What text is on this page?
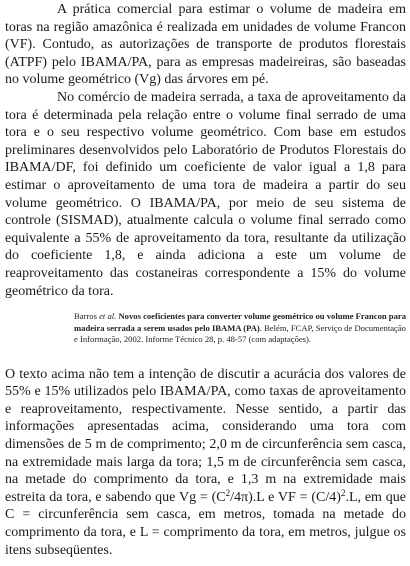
A prática comercial para estimar o volume de madeira em toras na região amazônica é realizada em unidades de volume Francon (VF). Contudo, as autorizações de transporte de produtos florestais (ATPF) pelo IBAMA/PA, para as empresas madeireiras, são baseadas no volume geométrico (Vg) das árvores em pé.

No comércio de madeira serrada, a taxa de aproveitamento da tora é determinada pela relação entre o volume final serrado de uma tora e o seu respectivo volume geométrico. Com base em estudos preliminares desenvolvidos pelo Laboratório de Produtos Florestais do IBAMA/DF, foi definido um coeficiente de valor igual a 1,8 para estimar o aproveitamento de uma tora de madeira a partir do seu volume geométrico. O IBAMA/PA, por meio de seu sistema de controle (SISMAD), atualmente calcula o volume final serrado como equivalente a 55% de aproveitamento da tora, resultante da utilização do coeficiente 1,8, e ainda adiciona a este um volume de reaproveitamento das costaneiras correspondente a 15% do volume geométrico da tora.

Barros et al. Novos coeficientes para converter volume geométrico ou volume Francon para madeira serrada a serem usados pelo IBAMA (PA). Belém, FCAP, Serviço de Documentação e Informação, 2002. Informe Técnico 28, p. 48-57 (com adaptações).

O texto acima não tem a intenção de discutir a acurácia dos valores de 55% e 15% utilizados pelo IBAMA/PA, como taxas de aproveitamento e reaproveitamento, respectivamente. Nesse sentido, a partir das informações apresentadas acima, considerando uma tora com dimensões de 5 m de comprimento; 2,0 m de circunferência sem casca, na extremidade mais larga da tora; 1,5 m de circunferência sem casca, na metade do comprimento da tora, e 1,3 m na extremidade mais estreita da tora, e sabendo que $Vg = (C^2/4\pi).L$ e VF = $(C/4)^2.L$, em que C = circunferência sem casca, em metros, tomada na metade do comprimento da tora, e L = comprimento da tora, em metros, julgue os itens subseqüentes.
